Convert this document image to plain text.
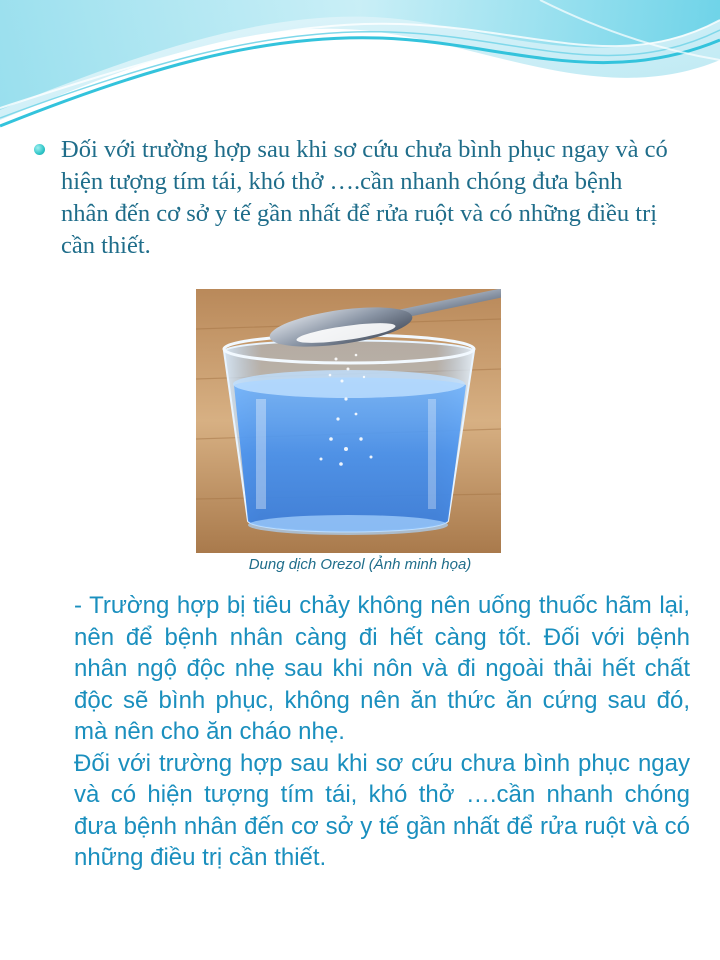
Đối với trường hợp sau khi sơ cứu chưa bình phục ngay và có hiện tượng tím tái, khó thở ….cần nhanh chóng đưa bệnh nhân đến cơ sở y tế gần nhất để rửa ruột và có những điều trị cần thiết.
Dung dịch Orezol (Ảnh minh họa)

- Trường hợp bị tiêu chảy không nên uống thuốc hãm lại, nên để bệnh nhân càng đi hết càng tốt. Đối với bệnh nhân ngộ độc nhẹ sau khi nôn và đi ngoài thải hết chất độc sẽ bình phục, không nên ăn thức ăn cứng sau đó, mà nên cho ăn cháo nhẹ.

Đối với trường hợp sau khi sơ cứu chưa bình phục ngay và có hiện tượng tím tái, khó thở ….cần nhanh chóng đưa bệnh nhân đến cơ sở y tế gần nhất để rửa ruột và có những điều trị cần thiết.
